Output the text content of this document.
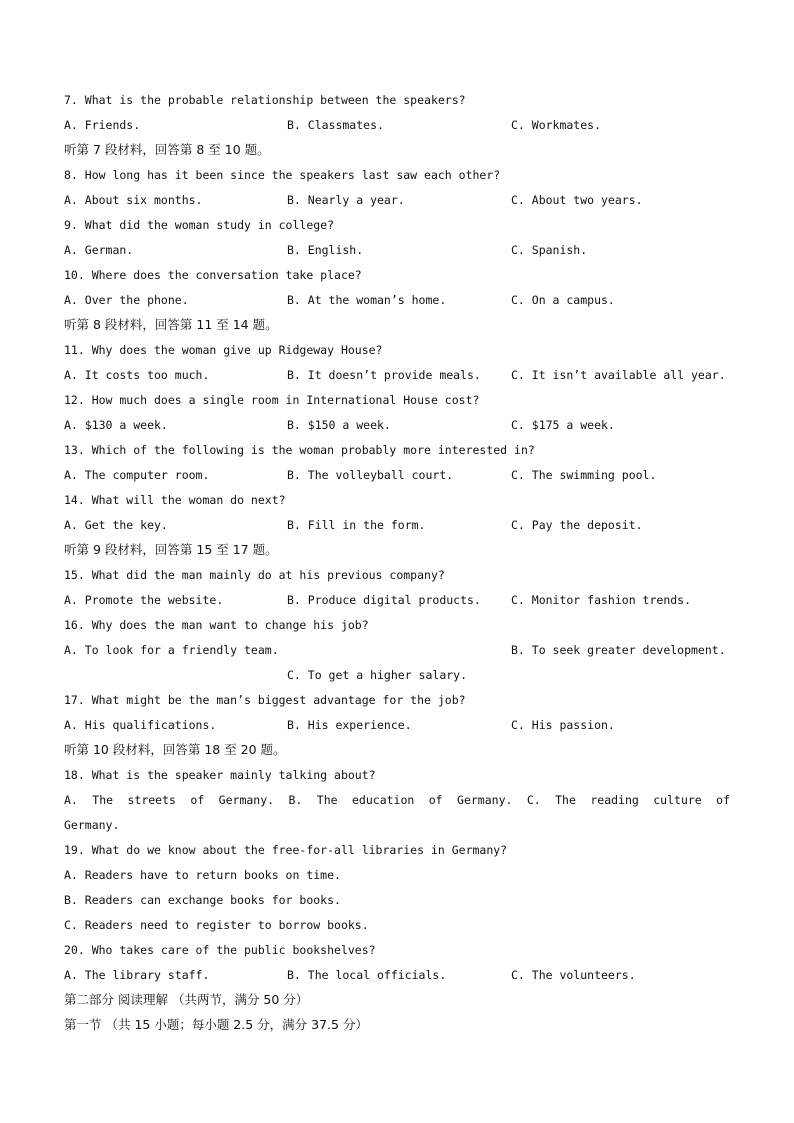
7. What is the probable relationship between the speakers?
A. Friends.	B. Classmates.	C. Workmates.
听第 7 段材料，回答第 8 至 10 题。
8. How long has it been since the speakers last saw each other?
A. About six months.	B. Nearly a year.	C. About two years.
9. What did the woman study in college?
A. German.	B. English.	C. Spanish.
10. Where does the conversation take place?
A. Over the phone.	B. At the woman’s home.	C. On a campus.
听第 8 段材料，回答第 11 至 14 题。
11. Why does the woman give up Ridgeway House?
A. It costs too much.	B. It doesn’t provide meals.	C. It isn’t available all year.
12. How much does a single room in International House cost?
A. $130 a week.	B. $150 a week.	C. $175 a week.
13. Which of the following is the woman probably more interested in?
A. The computer room.	B. The volleyball court.	C. The swimming pool.
14. What will the woman do next?
A. Get the key.	B. Fill in the form.	C. Pay the deposit.
听第 9 段材料，回答第 15 至 17 题。
15. What did the man mainly do at his previous company?
A. Promote the website.	B. Produce digital products.	C. Monitor fashion trends.
16. Why does the man want to change his job?
A. To look for a friendly team.	B. To seek greater development.
C. To get a higher salary.
17. What might be the man’s biggest advantage for the job?
A. His qualifications.	B. His experience.	C. His passion.
听第 10 段材料，回答第 18 至 20 题。
18. What is the speaker mainly talking about?
A. The streets of Germany. B. The education of Germany. C. The reading culture of
Germany.
19. What do we know about the free-for-all libraries in Germany?
A. Readers have to return books on time.
B. Readers can exchange books for books.
C. Readers need to register to borrow books.
20. Who takes care of the public bookshelves?
A. The library staff.	B. The local officials.	C. The volunteers.
第二部分 阅读理解 （共两节，满分 50 分）
第一节 （共 15 小题；每小题 2.5 分，满分 37.5 分）
